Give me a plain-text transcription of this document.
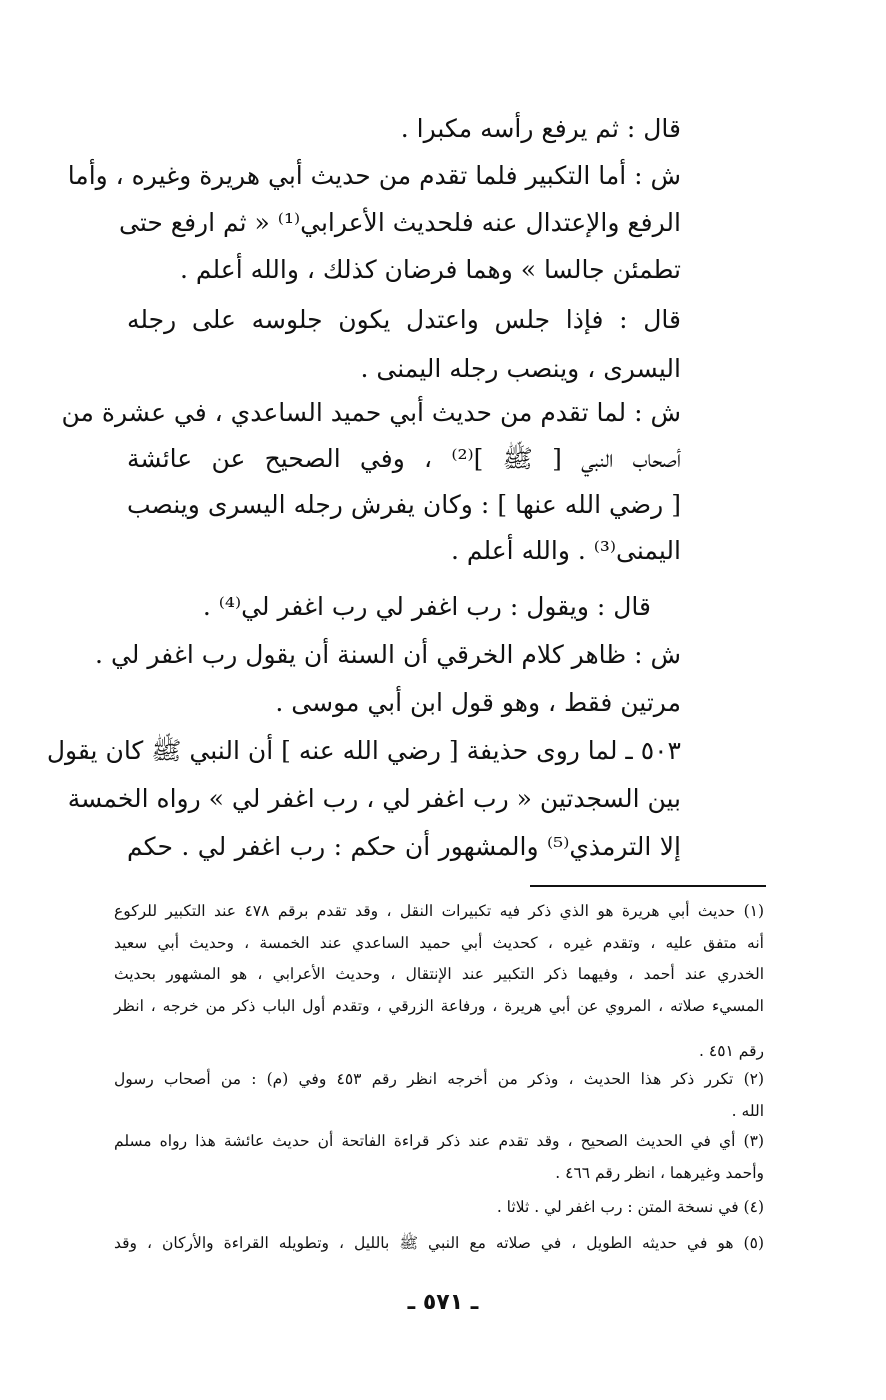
قال : ثم يرفع رأسه مكبرا .
ش : أما التكبير فلما تقدم من حديث أبي هريرة وغيره ، وأما
الرفع والإعتدال عنه فلحديث الأعرابي⁽¹⁾ « ثم ارفع حتى
تطمئن جالسا » وهما فرضان كذلك ، والله أعلم .
قال : فإذا جلس واعتدل يكون جلوسه على رجله
اليسرى ، وينصب رجله اليمنى .
ش : لما تقدم من حديث أبي حميد الساعدي ، في عشرة من
أصحاب النبي [ ﷺ ]⁽²⁾ ، وفي الصحيح عن عائشة
[ رضي الله عنها ] : وكان يفرش رجله اليسرى وينصب
اليمنى⁽³⁾ . والله أعلم .
قال : ويقول : رب اغفر لي رب اغفر لي⁽⁴⁾ .
ش : ظاهر كلام الخرقي أن السنة أن يقول رب اغفر لي .
مرتين فقط ، وهو قول ابن أبي موسى .
٥٠٣ ـ لما روى حذيفة [ رضي الله عنه ] أن النبي ﷺ كان يقول
بين السجدتين « رب اغفر لي ، رب اغفر لي » رواه الخمسة
إلا الترمذي⁽⁵⁾ والمشهور أن حكم : رب اغفر لي . حكم
(١) حديث أبي هريرة هو الذي ذكر فيه تكبيرات النقل ، وقد تقدم برقم ٤٧٨ عند التكبير للركوع
أنه متفق عليه ، وتقدم غيره ، كحديث أبي حميد الساعدي عند الخمسة ، وحديث أبي سعيد
الخدري عند أحمد ، وفيهما ذكر التكبير عند الإنتقال ، وحديث الأعرابي ، هو المشهور بحديث
المسيء صلاته ، المروي عن أبي هريرة ، ورفاعة الزرقي ، وتقدم أول الباب ذكر من خرجه ، انظر
رقم ٤٥١ .
(٢) تكرر ذكر هذا الحديث ، وذكر من أخرجه انظر رقم ٤٥٣ وفي (م) : من أصحاب رسول
الله .
(٣) أي في الحديث الصحيح ، وقد تقدم عند ذكر قراءة الفاتحة أن حديث عائشة هذا رواه مسلم
وأحمد وغيرهما ، انظر رقم ٤٦٦ .
(٤) في نسخة المتن : رب اغفر لي . ثلاثا .
(٥) هو في حديثه الطويل ، في صلاته مع النبي ﷺ بالليل ، وتطويله القراءة والأركان ، وقد
ـ ٥٧١ ـ
